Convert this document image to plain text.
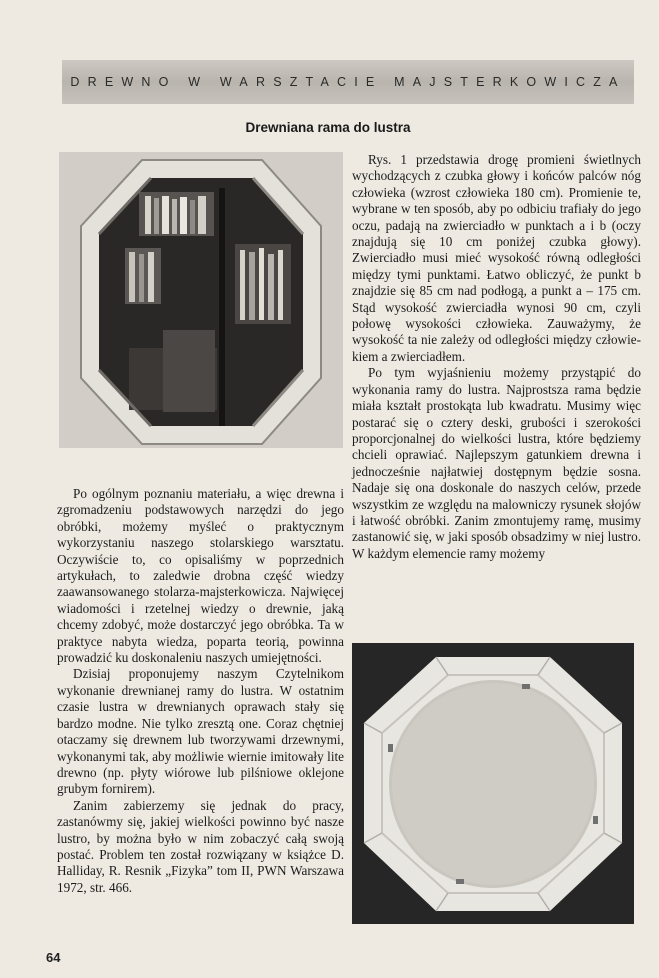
DREWNO W WARSZTACIE MAJSTERKOWICZA
Drewniana rama do lustra

Po ogólnym poznaniu materiału, a więc drewna i zgromadzeniu podstawowych narzędzi do jego obróbki, możemy myśleć o praktycznym wykorzystaniu naszego stolarskiego warsztatu. Oczywiście to, co opisaliśmy w poprzednich artykułach, to zaledwie drobna część wiedzy zaawansowanego stolarza-majsterkowicza. Najwięcej wiadomości i rzetelnej wiedzy o drewnie, jaką chcemy zdobyć, może dostarczyć jego obróbka. Ta w praktyce nabyta wiedza, poparta teorią, powinna prowadzić ku doskonaleniu naszych umiejętności.

Dzisiaj proponujemy naszym Czytelnikom wykonanie drewnianej ramy do lustra. W ostatnim czasie lustra w drewnianych oprawach stały się bardzo modne. Nie tylko zresztą one. Coraz chętniej otaczamy się drewnem lub tworzywami drzewnymi, wykonanymi tak, aby możliwie wiernie imitowały lite drewno (np. płyty wiórowe lub pilśniowe oklejone grubym fornirem).

Zanim zabierzemy się jednak do pracy, zastanówmy się, jakiej wielkości powinno być nasze lustro, by można było w nim zobaczyć całą swoją postać. Problem ten został rozwiązany w książce D. Halliday, R. Resnik „Fizyka” tom II, PWN Warszawa 1972, str. 466.

Rys. 1 przedstawia drogę promieni świetlnych wychodzących z czubka głowy i końców palców nóg człowieka (wzrost człowieka 180 cm). Promienie te, wybrane w ten sposób, aby po odbiciu trafiały do jego oczu, padają na zwierciadło w punktach a i b (oczy znajdują się 10 cm poniżej czubka głowy). Zwierciadło musi mieć wysokość równą odległości między tymi punktami. Łatwo obliczyć, że punkt b znajdzie się 85 cm nad podłogą, a punkt a – 175 cm. Stąd wysokość zwierciadła wynosi 90 cm, czyli połowę wysokości człowieka. Zauważymy, że wysokość ta nie zależy od odległości między człowiekiem a zwierciadłem.

Po tym wyjaśnieniu możemy przystąpić do wykonania ramy do lustra. Najprostsza rama będzie miała kształt prostokąta lub kwadratu. Musimy więc postarać się o cztery deski, grubości i szerokości proporcjonalnej do wielkości lustra, które będziemy chcieli oprawiać. Najlepszym gatunkiem drewna i jednocześnie najłatwiej dostępnym będzie sosna. Nadaje się ona doskonale do naszych celów, przede wszystkim ze względu na malowniczy rysunek słojów i łatwość obróbki. Zanim zmontujemy ramę, musimy zastanowić się, w jaki sposób obsadzimy w niej lustro. W każdym elemencie ramy możemy

64
